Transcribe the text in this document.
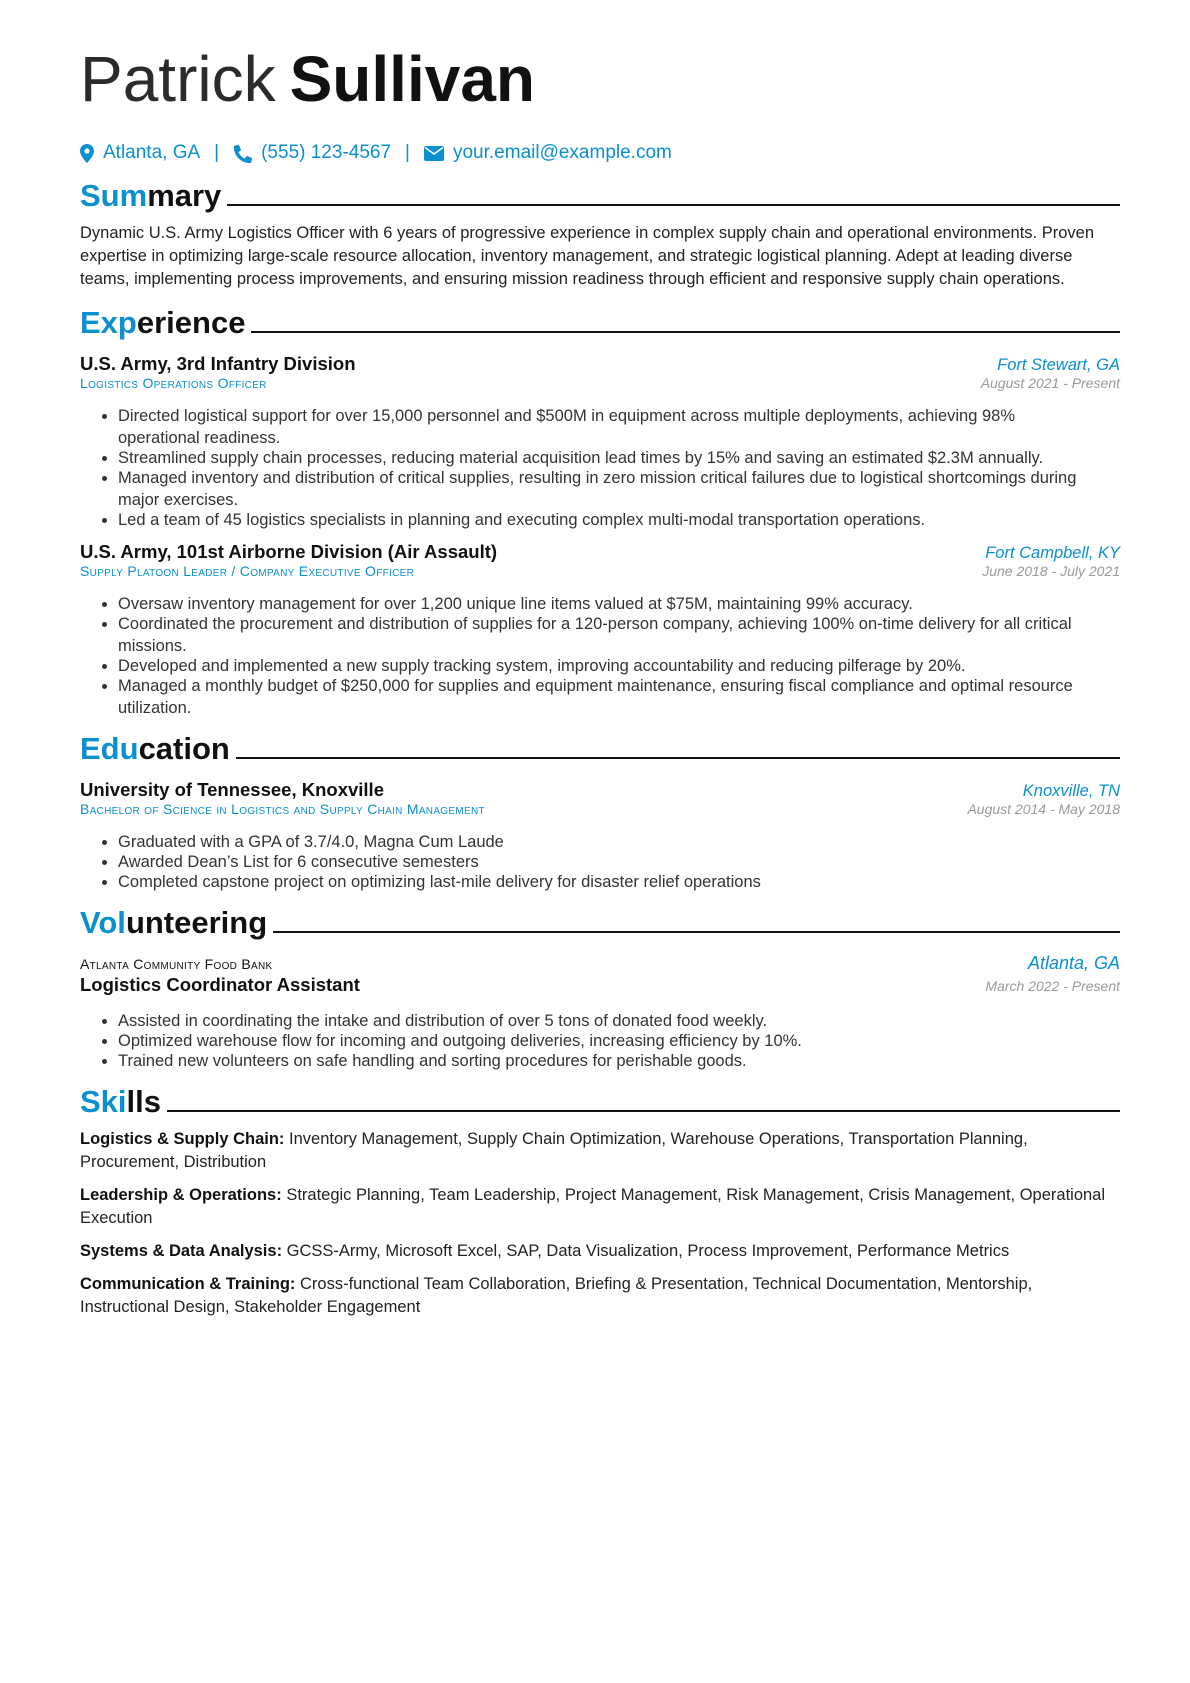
Patrick Sullivan
Atlanta, GA | (555) 123-4567 | your.email@example.com
Summary
Dynamic U.S. Army Logistics Officer with 6 years of progressive experience in complex supply chain and operational environments. Proven expertise in optimizing large-scale resource allocation, inventory management, and strategic logistical planning. Adept at leading diverse teams, implementing process improvements, and ensuring mission readiness through efficient and responsive supply chain operations.
Experience
U.S. Army, 3rd Infantry Division	Fort Stewart, GA
Logistics Operations Officer	August 2021 - Present
• Directed logistical support for over 15,000 personnel and $500M in equipment across multiple deployments, achieving 98% operational readiness.
• Streamlined supply chain processes, reducing material acquisition lead times by 15% and saving an estimated $2.3M annually.
• Managed inventory and distribution of critical supplies, resulting in zero mission critical failures due to logistical shortcomings during major exercises.
• Led a team of 45 logistics specialists in planning and executing complex multi-modal transportation operations.
U.S. Army, 101st Airborne Division (Air Assault)	Fort Campbell, KY
Supply Platoon Leader / Company Executive Officer	June 2018 - July 2021
• Oversaw inventory management for over 1,200 unique line items valued at $75M, maintaining 99% accuracy.
• Coordinated the procurement and distribution of supplies for a 120-person company, achieving 100% on-time delivery for all critical missions.
• Developed and implemented a new supply tracking system, improving accountability and reducing pilferage by 20%.
• Managed a monthly budget of $250,000 for supplies and equipment maintenance, ensuring fiscal compliance and optimal resource utilization.
Education
University of Tennessee, Knoxville	Knoxville, TN
Bachelor of Science in Logistics and Supply Chain Management	August 2014 - May 2018
• Graduated with a GPA of 3.7/4.0, Magna Cum Laude
• Awarded Dean’s List for 6 consecutive semesters
• Completed capstone project on optimizing last-mile delivery for disaster relief operations
Volunteering
Atlanta Community Food Bank	Atlanta, GA
Logistics Coordinator Assistant	March 2022 - Present
• Assisted in coordinating the intake and distribution of over 5 tons of donated food weekly.
• Optimized warehouse flow for incoming and outgoing deliveries, increasing efficiency by 10%.
• Trained new volunteers on safe handling and sorting procedures for perishable goods.
Skills
Logistics & Supply Chain: Inventory Management, Supply Chain Optimization, Warehouse Operations, Transportation Planning, Procurement, Distribution
Leadership & Operations: Strategic Planning, Team Leadership, Project Management, Risk Management, Crisis Management, Operational Execution
Systems & Data Analysis: GCSS-Army, Microsoft Excel, SAP, Data Visualization, Process Improvement, Performance Metrics
Communication & Training: Cross-functional Team Collaboration, Briefing & Presentation, Technical Documentation, Mentorship, Instructional Design, Stakeholder Engagement
